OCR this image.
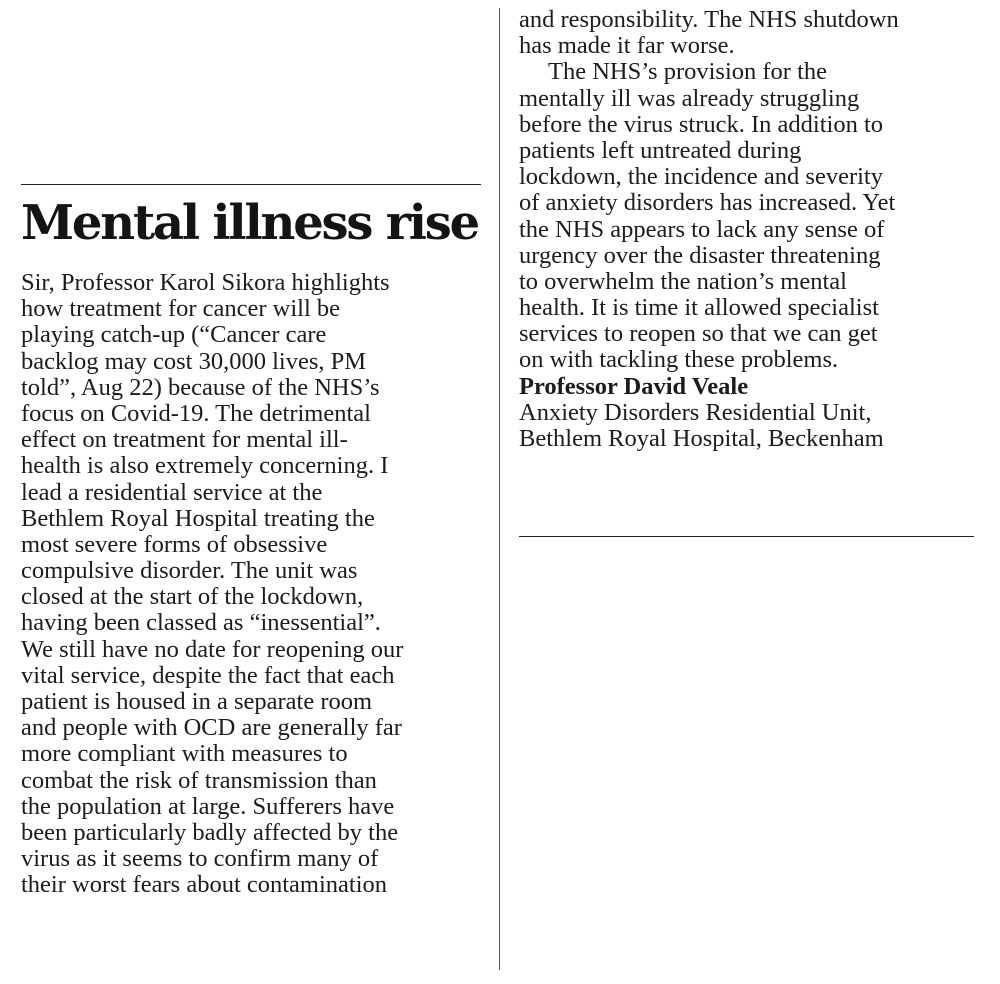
Mental illness rise
Sir, Professor Karol Sikora highlights
how treatment for cancer will be
playing catch-up (“Cancer care
backlog may cost 30,000 lives, PM
told”, Aug 22) because of the NHS’s
focus on Covid-19. The detrimental
effect on treatment for mental ill-
health is also extremely concerning. I
lead a residential service at the
Bethlem Royal Hospital treating the
most severe forms of obsessive
compulsive disorder. The unit was
closed at the start of the lockdown,
having been classed as “inessential”.
We still have no date for reopening our
vital service, despite the fact that each
patient is housed in a separate room
and people with OCD are generally far
more compliant with measures to
combat the risk of transmission than
the population at large. Sufferers have
been particularly badly affected by the
virus as it seems to confirm many of
their worst fears about contamination
and responsibility. The NHS shutdown
has made it far worse.
The NHS’s provision for the
mentally ill was already struggling
before the virus struck. In addition to
patients left untreated during
lockdown, the incidence and severity
of anxiety disorders has increased. Yet
the NHS appears to lack any sense of
urgency over the disaster threatening
to overwhelm the nation’s mental
health. It is time it allowed specialist
services to reopen so that we can get
on with tackling these problems.
Professor David Veale
Anxiety Disorders Residential Unit,
Bethlem Royal Hospital, Beckenham
